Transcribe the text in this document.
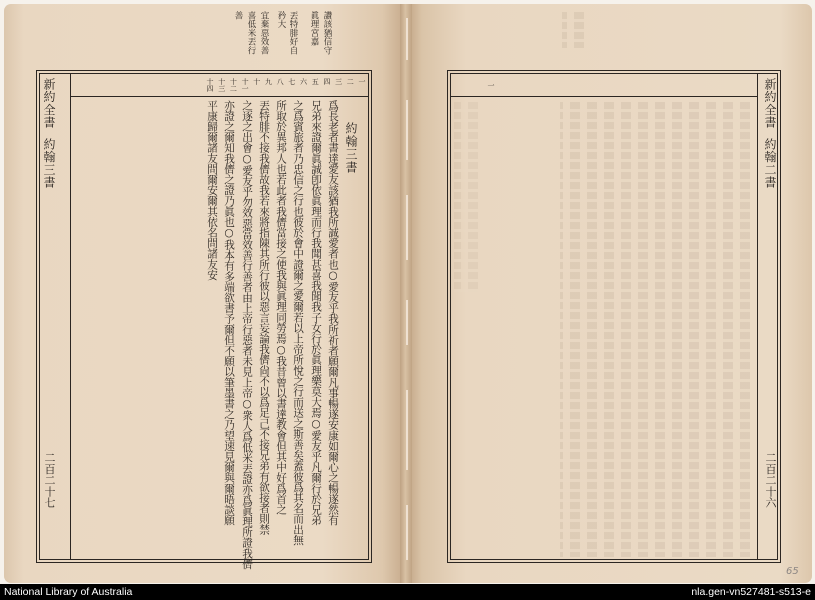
讚該猶信守
眞理宮嘉
丟特腓好自
矜大
宜棄惡效善
喜低米丟行
善
一
二
三
四
五
六
七
八
九
十
十一
十二
十三
十四
新約全書
約翰三書
二百二十七
約翰三書
爲長老者書達愛友該猶我所誠愛者也○愛友乎我所祈者願爾凡事暢遂安康如爾心之暢遂然有
兄弟來證爾眞誠卽依眞理而行我聞甚喜我聞我子女行於眞理樂莫大焉○愛友乎凡爾行於兄弟
之爲賓旅者乃忠信之行也彼於會中證爾之愛爾若以上帝所悅之行而送之斯善矣蓋彼爲其名而出無
所取於異邦人也若此者我儕當接之使我與眞理同勞焉○我昔曾以書達教會但其中好爲首之
丟特腓不接我儕故我若來將指陳其所行彼以惡言妄論我儕尙不以爲足己不接兄弟有欲接者則禁
之逐之出會○愛友乎勿效惡當效善行善者由上帝行惡者未見上帝○衆人爲低米丟證亦爲眞理所證我儕
亦證之爾知我儕之證乃眞也○我本有多端欲書予爾但不願以筆墨書之乃望速見爾與爾晤談願
平康歸爾諸友問爾安爾其依名問諸友安
一	新約全書
約翰二書
二百二十六
65
National Library of Australia	nla.gen-vn527481-s513-e
